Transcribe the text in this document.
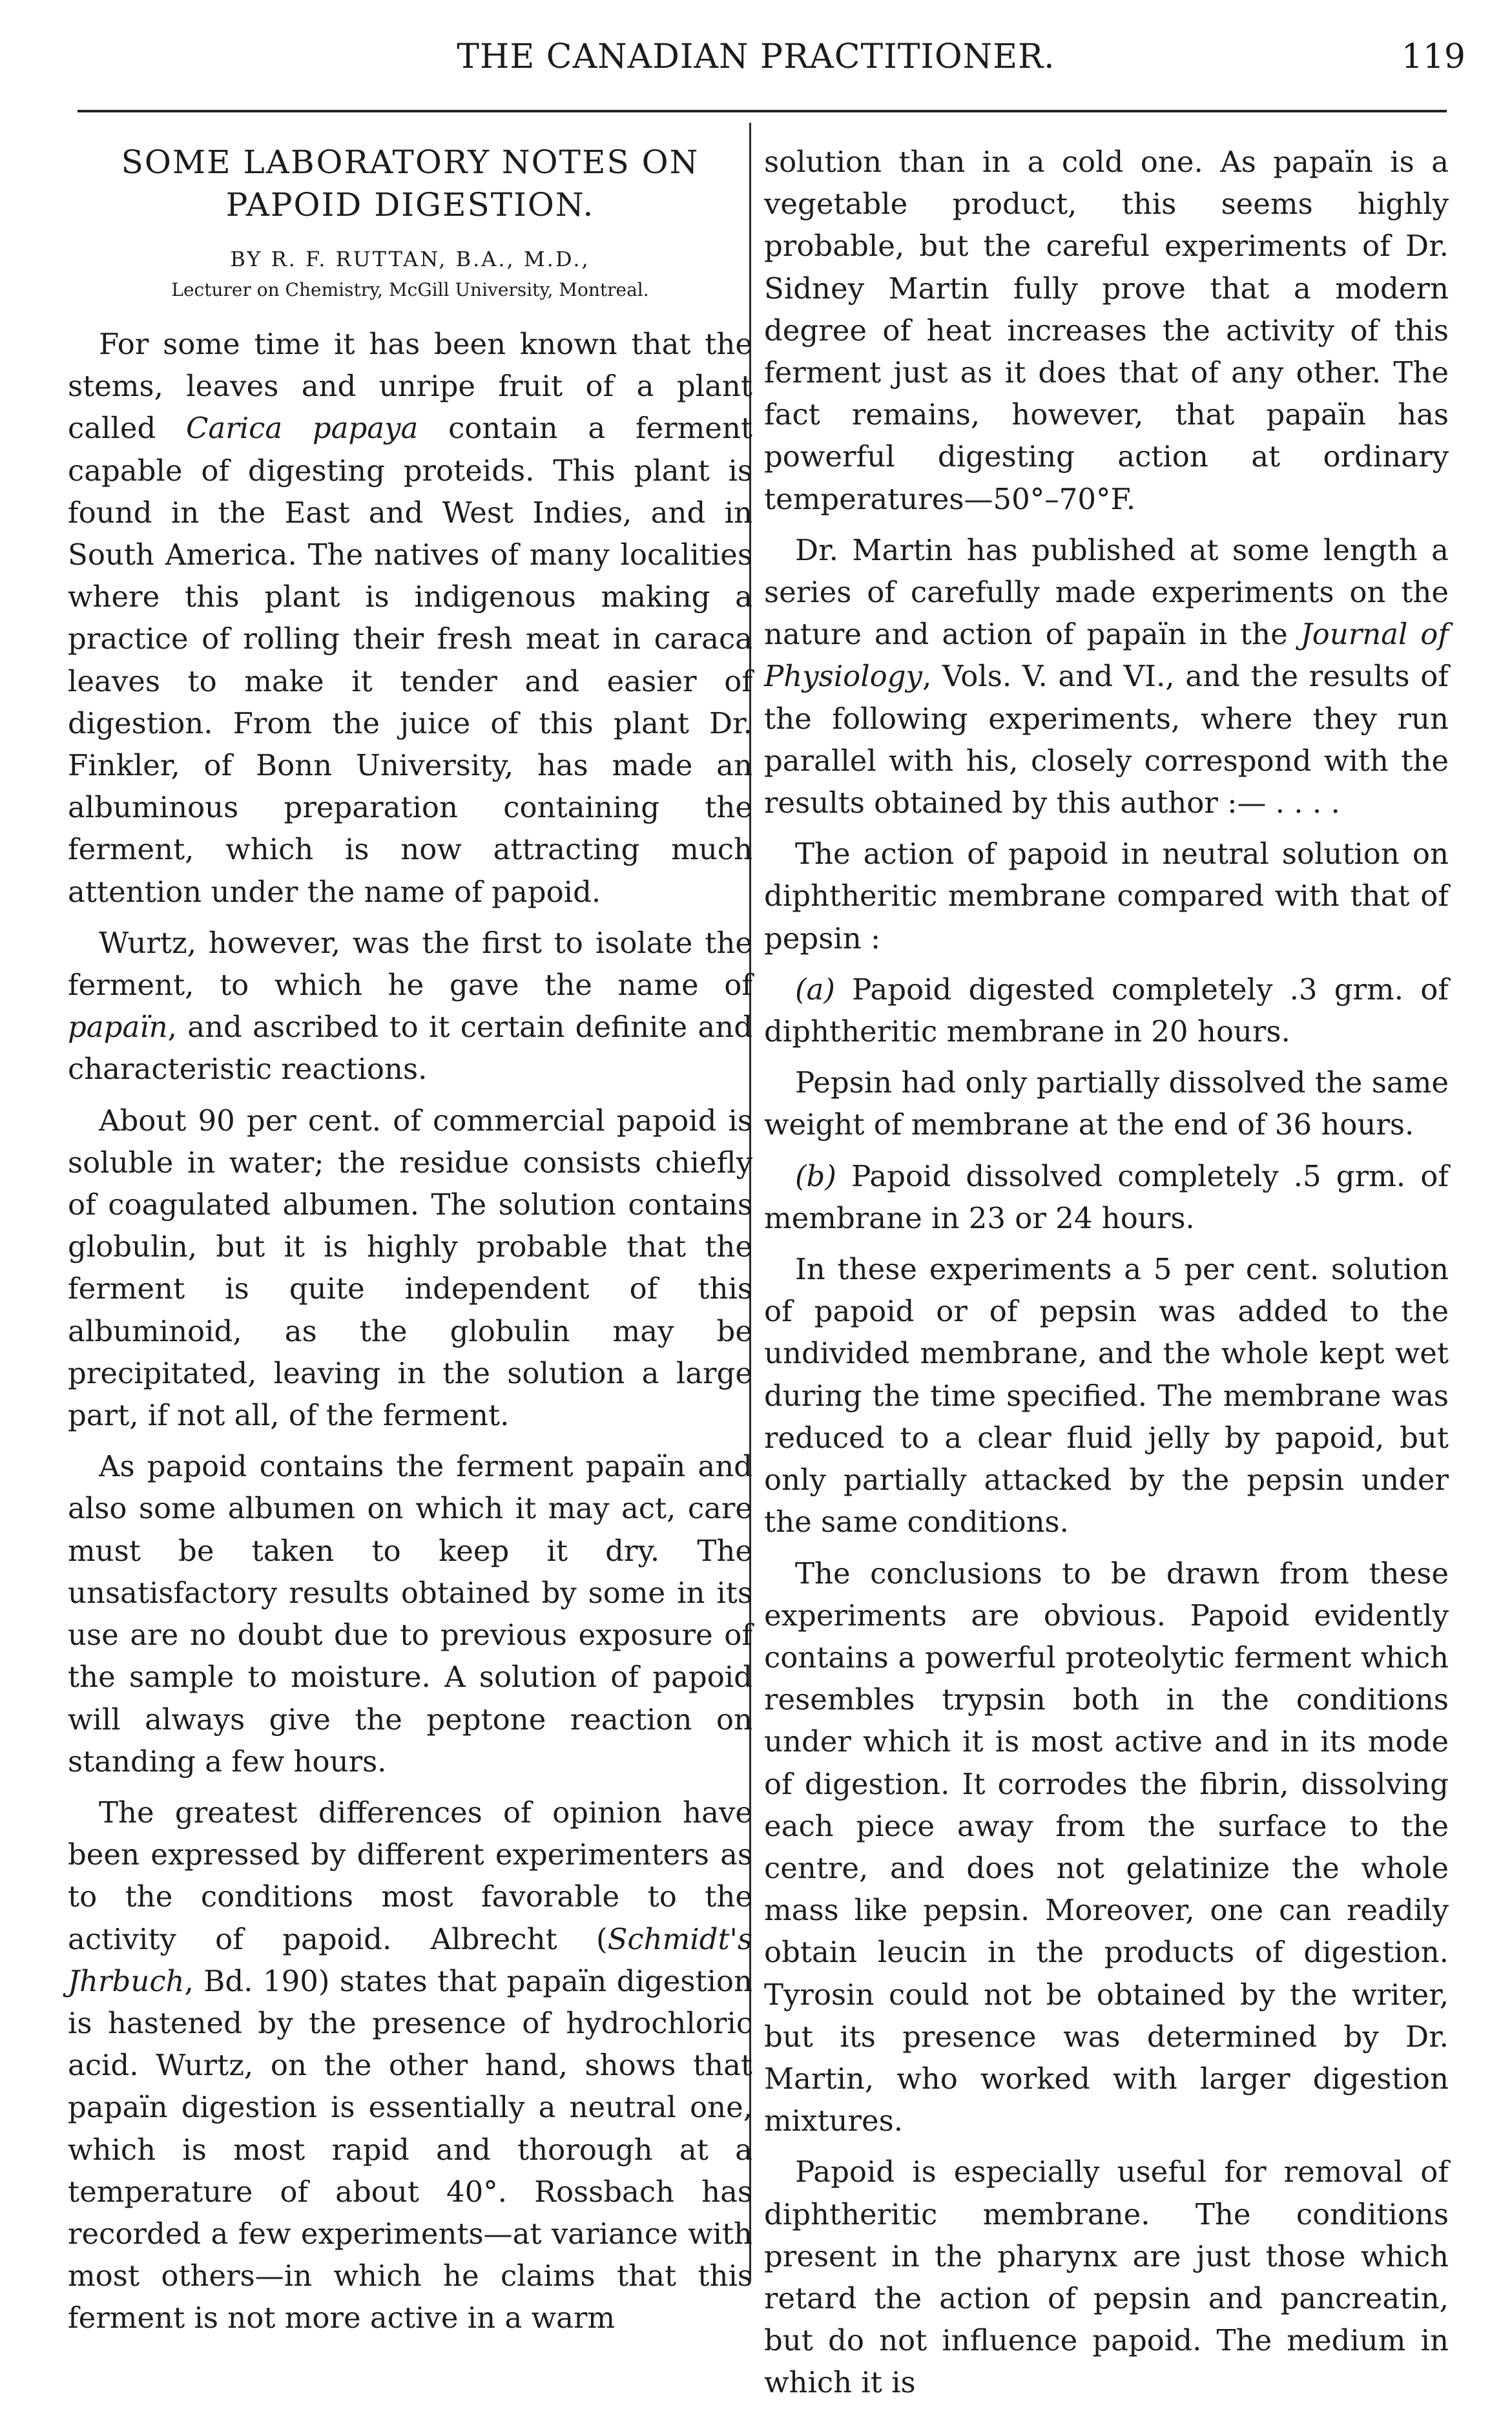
THE CANADIAN PRACTITIONER.	119
SOME LABORATORY NOTES ON PAPOID DIGESTION.

BY R. F. RUTTAN, B.A., M.D.,

Lecturer on Chemistry, McGill University, Montreal.

For some time it has been known that the stems, leaves and unripe fruit of a plant called Carica papaya contain a ferment capable of digesting proteids. This plant is found in the East and West Indies, and in South America. The natives of many localities where this plant is indigenous making a practice of rolling their fresh meat in caraca leaves to make it tender and easier of digestion. From the juice of this plant Dr. Finkler, of Bonn University, has made an albuminous preparation containing the ferment, which is now attracting much attention under the name of papoid.

Wurtz, however, was the first to isolate the ferment, to which he gave the name of papaïn, and ascribed to it certain definite and characteristic reactions.

About 90 per cent. of commercial papoid is soluble in water; the residue consists chiefly of coagulated albumen. The solution contains globulin, but it is highly probable that the ferment is quite independent of this albuminoid, as the globulin may be precipitated, leaving in the solution a large part, if not all, of the ferment.

As papoid contains the ferment papaïn and also some albumen on which it may act, care must be taken to keep it dry. The unsatisfactory results obtained by some in its use are no doubt due to previous exposure of the sample to moisture. A solution of papoid will always give the peptone reaction on standing a few hours.

The greatest differences of opinion have been expressed by different experimenters as to the conditions most favorable to the activity of papoid. Albrecht (Schmidt's Jhrbuch, Bd. 190) states that papaïn digestion is hastened by the presence of hydrochloric acid. Wurtz, on the other hand, shows that papaïn digestion is essentially a neutral one, which is most rapid and thorough at a temperature of about 40°. Rossbach has recorded a few experiments—at variance with most others—in which he claims that this ferment is not more active in a warm

solution than in a cold one. As papaïn is a vegetable product, this seems highly probable, but the careful experiments of Dr. Sidney Martin fully prove that a modern degree of heat increases the activity of this ferment just as it does that of any other. The fact remains, however, that papaïn has powerful digesting action at ordinary temperatures—50°–70°F.

Dr. Martin has published at some length a series of carefully made experiments on the nature and action of papaïn in the Journal of Physiology, Vols. V. and VI., and the results of the following experiments, where they run parallel with his, closely correspond with the results obtained by this author :— . . . .

The action of papoid in neutral solution on diphtheritic membrane compared with that of pepsin :

(a) Papoid digested completely .3 grm. of diphtheritic membrane in 20 hours.

Pepsin had only partially dissolved the same weight of membrane at the end of 36 hours.

(b) Papoid dissolved completely .5 grm. of membrane in 23 or 24 hours.

In these experiments a 5 per cent. solution of papoid or of pepsin was added to the undivided membrane, and the whole kept wet during the time specified. The membrane was reduced to a clear fluid jelly by papoid, but only partially attacked by the pepsin under the same conditions.

The conclusions to be drawn from these experiments are obvious. Papoid evidently contains a powerful proteolytic ferment which resembles trypsin both in the conditions under which it is most active and in its mode of digestion. It corrodes the fibrin, dissolving each piece away from the surface to the centre, and does not gelatinize the whole mass like pepsin. Moreover, one can readily obtain leucin in the products of digestion. Tyrosin could not be obtained by the writer, but its presence was determined by Dr. Martin, who worked with larger digestion mixtures.

Papoid is especially useful for removal of diphtheritic membrane. The conditions present in the pharynx are just those which retard the action of pepsin and pancreatin, but do not influence papoid. The medium in which it is
